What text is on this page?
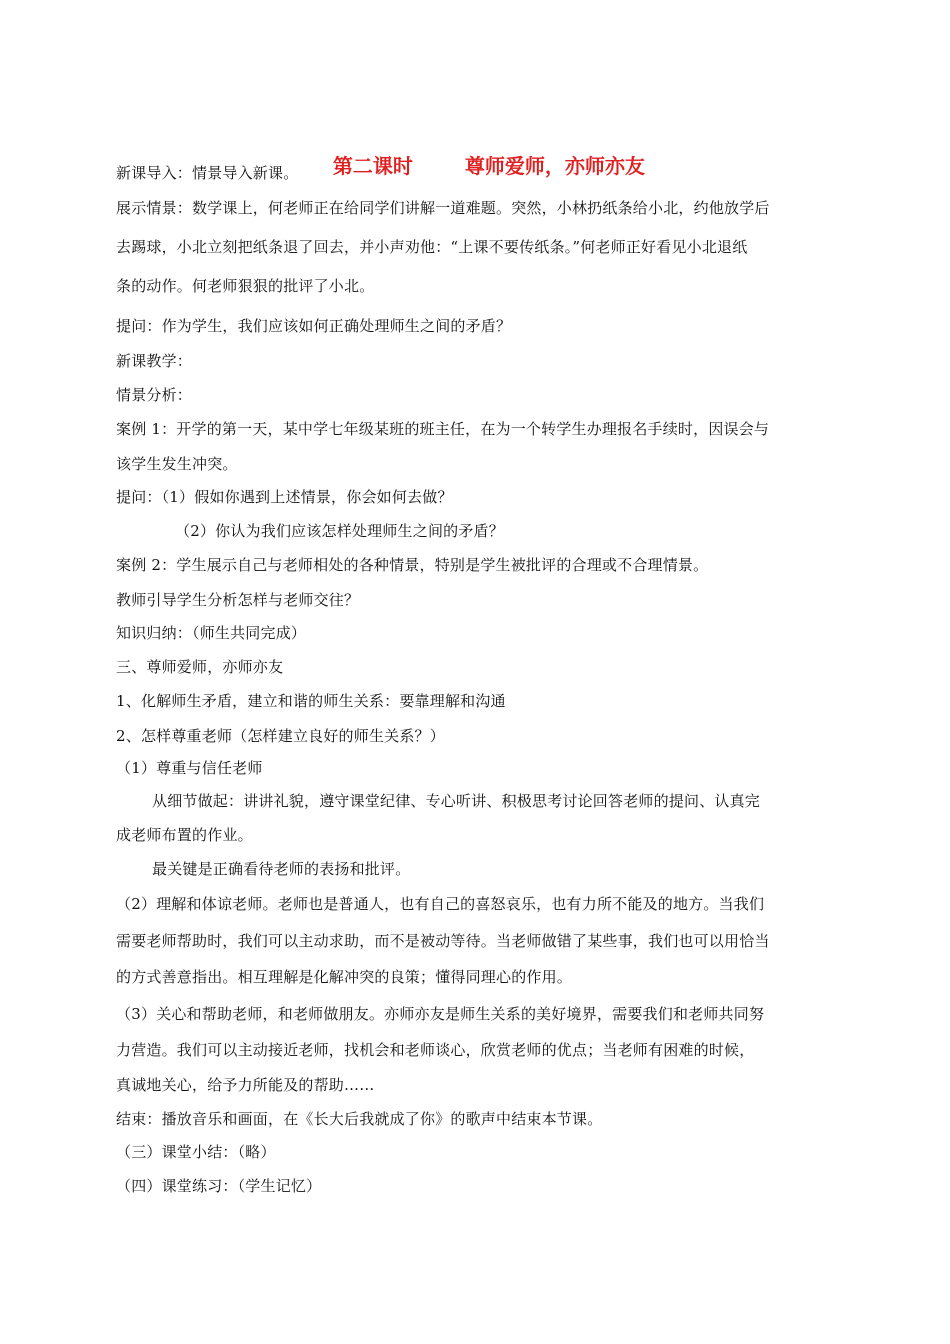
第二课时	尊师爱师，亦师亦友

新课导入：情景导入新课。
展示情景：数学课上，何老师正在给同学们讲解一道难题。突然，小林扔纸条给小北，约他放学后
去踢球，小北立刻把纸条退了回去，并小声劝他：“上课不要传纸条。”何老师正好看见小北退纸
条的动作。何老师狠狠的批评了小北。
提问：作为学生，我们应该如何正确处理师生之间的矛盾？
新课教学：
情景分析：
案例 1：开学的第一天，某中学七年级某班的班主任，在为一个转学生办理报名手续时，因误会与
该学生发生冲突。
提问：（1）假如你遇到上述情景，你会如何去做？
（2）你认为我们应该怎样处理师生之间的矛盾？
案例 2：学生展示自己与老师相处的各种情景，特别是学生被批评的合理或不合理情景。
教师引导学生分析怎样与老师交往？
知识归纳：（师生共同完成）
三、尊师爱师，亦师亦友
1、化解师生矛盾，建立和谐的师生关系：要靠理解和沟通
2、怎样尊重老师（怎样建立良好的师生关系？）
（1）尊重与信任老师
从细节做起：讲讲礼貌，遵守课堂纪律、专心听讲、积极思考讨论回答老师的提问、认真完
成老师布置的作业。
最关键是正确看待老师的表扬和批评。
（2）理解和体谅老师。老师也是普通人，也有自己的喜怒哀乐，也有力所不能及的地方。当我们
需要老师帮助时，我们可以主动求助，而不是被动等待。当老师做错了某些事，我们也可以用恰当
的方式善意指出。相互理解是化解冲突的良策；懂得同理心的作用。
（3）关心和帮助老师，和老师做朋友。亦师亦友是师生关系的美好境界，需要我们和老师共同努
力营造。我们可以主动接近老师，找机会和老师谈心，欣赏老师的优点；当老师有困难的时候，
真诚地关心，给予力所能及的帮助……
结束：播放音乐和画面，在《长大后我就成了你》的歌声中结束本节课。
（三）课堂小结：（略）
（四）课堂练习：（学生记忆）
